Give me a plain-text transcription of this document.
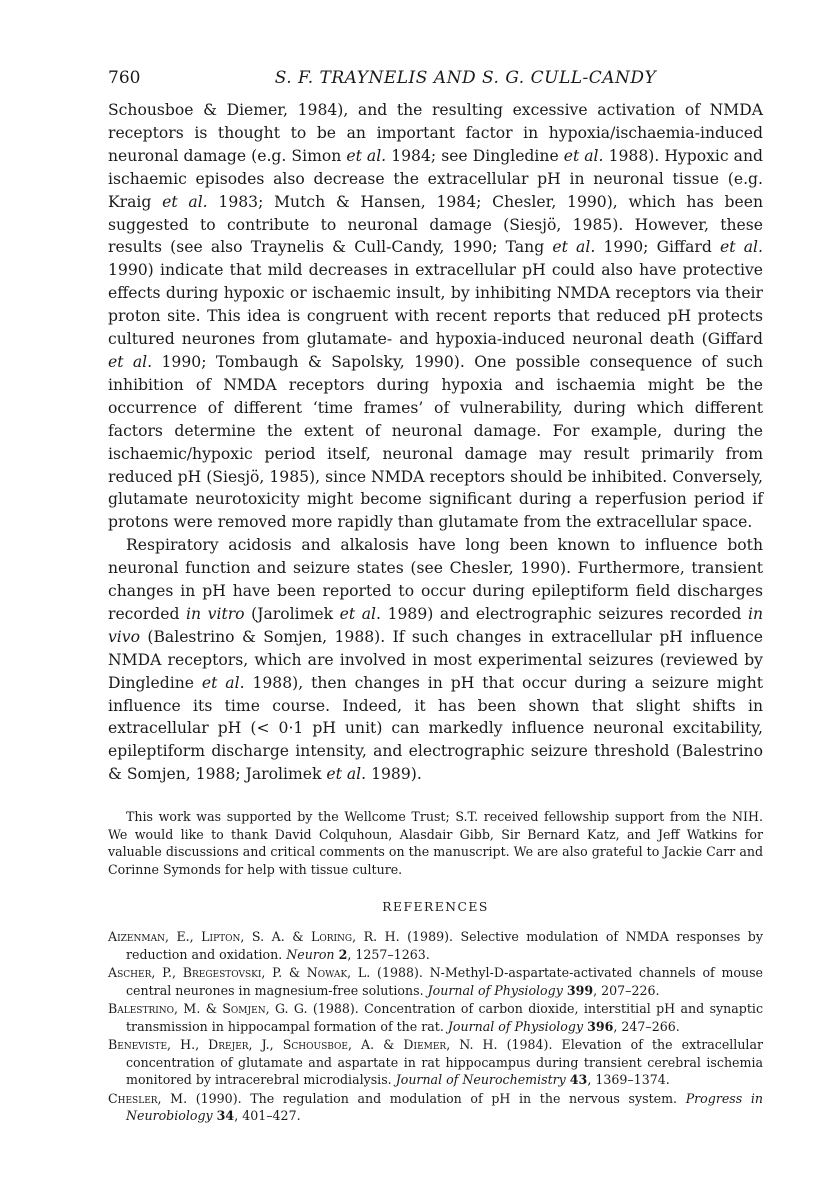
760	S. F. TRAYNELIS AND S. G. CULL-CANDY

Schousboe & Diemer, 1984), and the resulting excessive activation of NMDA receptors is thought to be an important factor in hypoxia/ischaemia-induced neuronal damage (e.g. Simon et al. 1984; see Dingledine et al. 1988). Hypoxic and ischaemic episodes also decrease the extracellular pH in neuronal tissue (e.g. Kraig et al. 1983; Mutch & Hansen, 1984; Chesler, 1990), which has been suggested to contribute to neuronal damage (Siesjö, 1985). However, these results (see also Traynelis & Cull-Candy, 1990; Tang et al. 1990; Giffard et al. 1990) indicate that mild decreases in extracellular pH could also have protective effects during hypoxic or ischaemic insult, by inhibiting NMDA receptors via their proton site. This idea is congruent with recent reports that reduced pH protects cultured neurones from glutamate- and hypoxia-induced neuronal death (Giffard et al. 1990; Tombaugh & Sapolsky, 1990). One possible consequence of such inhibition of NMDA receptors during hypoxia and ischaemia might be the occurrence of different ‘time frames’ of vulnerability, during which different factors determine the extent of neuronal damage. For example, during the ischaemic/hypoxic period itself, neuronal damage may result primarily from reduced pH (Siesjö, 1985), since NMDA receptors should be inhibited. Conversely, glutamate neurotoxicity might become significant during a reperfusion period if protons were removed more rapidly than glutamate from the extracellular space.

Respiratory acidosis and alkalosis have long been known to influence both neuronal function and seizure states (see Chesler, 1990). Furthermore, transient changes in pH have been reported to occur during epileptiform field discharges recorded in vitro (Jarolimek et al. 1989) and electrographic seizures recorded in vivo (Balestrino & Somjen, 1988). If such changes in extracellular pH influence NMDA receptors, which are involved in most experimental seizures (reviewed by Dingledine et al. 1988), then changes in pH that occur during a seizure might influence its time course. Indeed, it has been shown that slight shifts in extracellular pH (< 0·1 pH unit) can markedly influence neuronal excitability, epileptiform discharge intensity, and electrographic seizure threshold (Balestrino & Somjen, 1988; Jarolimek et al. 1989).

This work was supported by the Wellcome Trust; S.T. received fellowship support from the NIH. We would like to thank David Colquhoun, Alasdair Gibb, Sir Bernard Katz, and Jeff Watkins for valuable discussions and critical comments on the manuscript. We are also grateful to Jackie Carr and Corinne Symonds for help with tissue culture.
REFERENCES
Aizenman, E., Lipton, S. A. & Loring, R. H. (1989). Selective modulation of NMDA responses by reduction and oxidation. Neuron 2, 1257–1263.
Ascher, P., Bregestovski, P. & Nowak, L. (1988). N-Methyl-D-aspartate-activated channels of mouse central neurones in magnesium-free solutions. Journal of Physiology 399, 207–226.
Balestrino, M. & Somjen, G. G. (1988). Concentration of carbon dioxide, interstitial pH and synaptic transmission in hippocampal formation of the rat. Journal of Physiology 396, 247–266.
Beneviste, H., Drejer, J., Schousboe, A. & Diemer, N. H. (1984). Elevation of the extracellular concentration of glutamate and aspartate in rat hippocampus during transient cerebral ischemia monitored by intracerebral microdialysis. Journal of Neurochemistry 43, 1369–1374.
Chesler, M. (1990). The regulation and modulation of pH in the nervous system. Progress in Neurobiology 34, 401–427.
